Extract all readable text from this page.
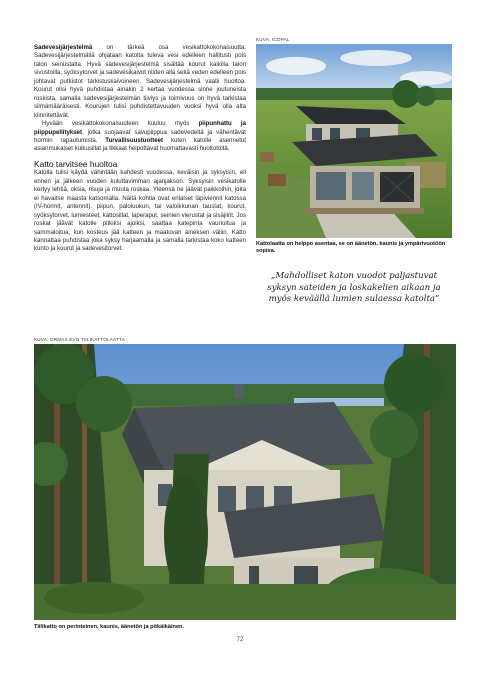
Sadevesijärjestelmä on tärkeä osa vesikattokokonaisuutta. Sadevesijärjestelmällä ohjataan katolta tuleva vesi edelleen hallitusti pois talon seinustalta. Hyvä sadevesijärjestelmä sisältää kourut kaikilla talon sivustoilla, syöksytorvet ja sadevesikaivot niiden alla sekä veden edelleen pois johtavat putkistot tarkistuskaivoineen. Sadevesijärjestelmä vaatii huoltoa. Kourut olisi hyvä puhdistaa ainakin 2 kertaa vuodessa sinne joutuneista roskista, samalla sadevesijärjestelmän tiiviys ja toimivuus on hyvä tarkistaa silmämääräisesti. Kourujen tulisi puhdistettavuuden vuoksi hyvä olla alta kiinnitettävät.

Hyvään vesikattokokonaisuuteen kuuluu myös piipunhattu ja piippupellitykset, jotka suojaavat savupiippua sadevedeltä ja vähentävät hormin rapautumista. Turvallisuustuotteet kuten katolle asennetut asianmukaiset kulkusillat ja tikkaat helpottavat huomattavasti huoltotöitä.

Katto tarvitsee huoltoa

Katolla tulisi käydä vähintään kahdesti vuodessa, keväisin ja syksyisin, eli ennen ja jälkeen vuoden kuluttavimman ajanjakson. Syksyisin vesikatolle kertyy lehtiä, oksia, risuja ja muuta roskaa. Yleensä ne jäävät paikkoihin, joita ei havaitse maasta katsomalla. Näitä kohtia ovat erilaiset läpiviennit katossa (IV-hormit, antennit), piipun, paloluukun, tai valoikkunan taustat, kourut, syöksytorvet, lumiesteet, kattosillat, laperaput, seinien vierustat ja sisäjiirit. Jos roskat jäävät katolle pitkiksi ajoiksi, saattaa katepinta vaurioitua ja sammaloitua, kun kosteus jää katteen ja maatuvan aineksen väliin. Katto kannattaa puhdistaa joka syksy harjaamalla ja samalla tarkistaa koko katteen kunto ja kourut ja sadevesitorvet.

KUVA: ICOPAL
Kattolaatta on helppo asentaa, se on äänetön, kaunis ja ympärivuotöön sopiva.
„Mahdolliset katon vuodot paljastuvat syksyn sateiden ja loskakelien aikaan ja myös keväällä lumien sulaessa katolta”
KUVA: ORMAX EVO TIILIKATTOLAATTA
Tiilikatto on perinteinen, kaunis, äänetön ja pitkäikäinen.
72
